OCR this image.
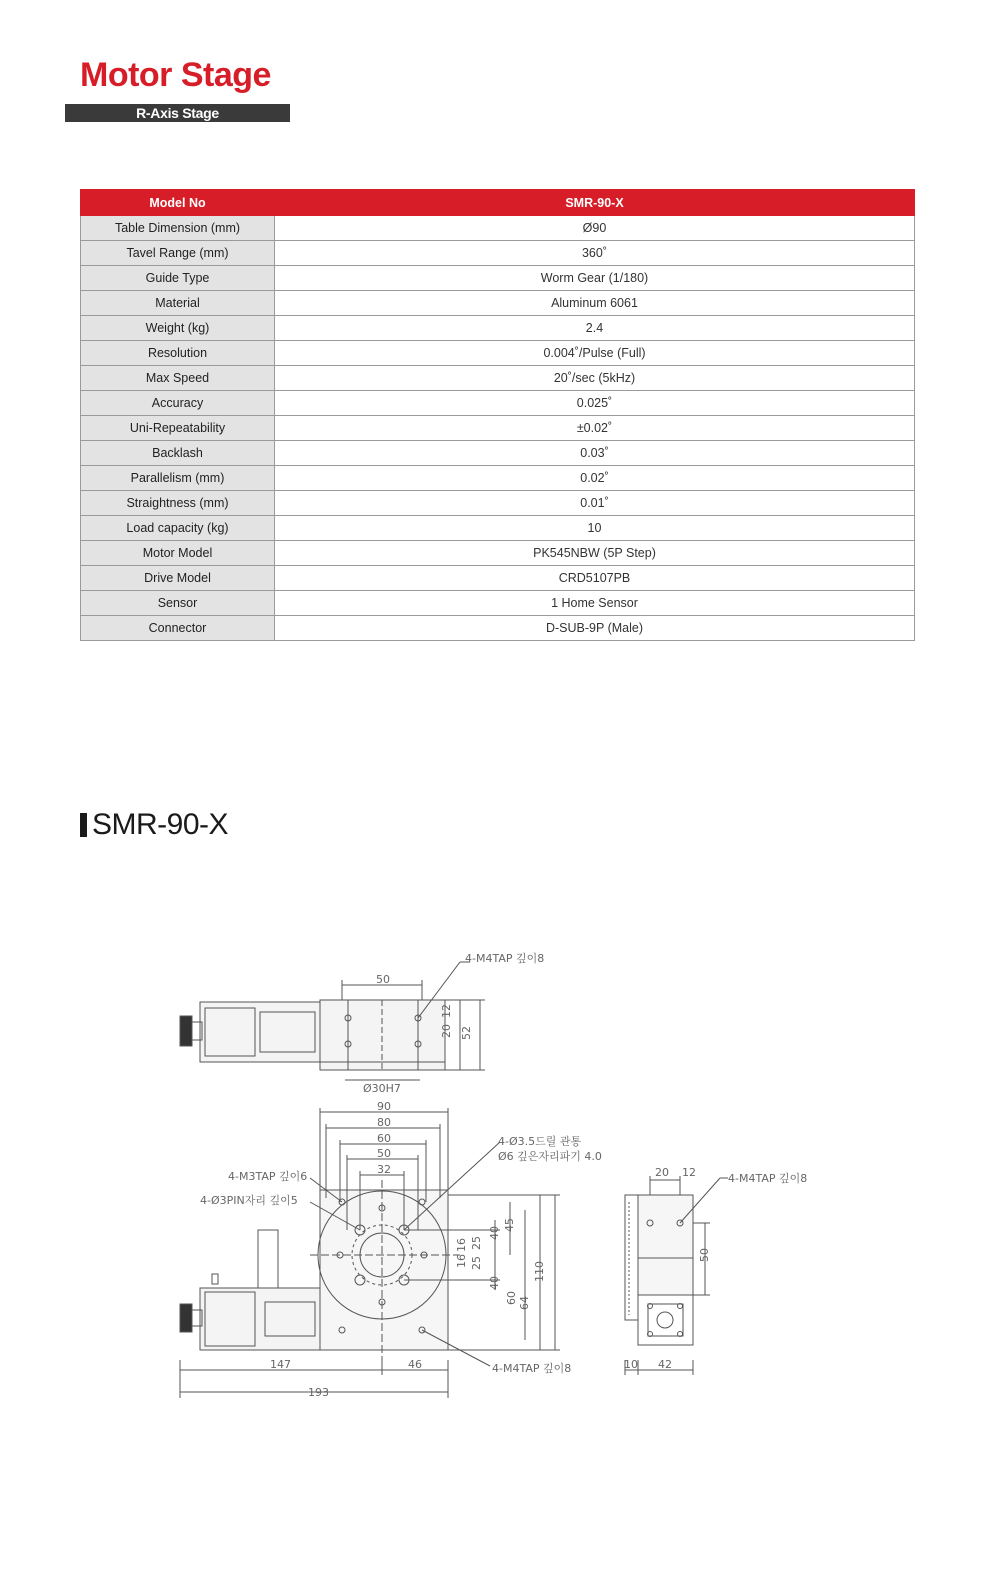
Motor Stage
R-Axis Stage
Model No	SMR-90-X
Table Dimension (mm)	Ø90
Tavel Range (mm)	360˚
Guide Type	Worm Gear (1/180)
Material	Aluminum 6061
Weight (kg)	2.4
Resolution	0.004˚/Pulse (Full)
Max Speed	20˚/sec (5kHz)
Accuracy	0.025˚
Uni-Repeatability	±0.02˚
Backlash	0.03˚
Parallelism (mm)	0.02˚
Straightness (mm)	0.01˚
Load capacity (kg)	10
Motor Model	PK545NBW (5P Step)
Drive Model	CRD5107PB
Sensor	1 Home Sensor
Connector	D-SUB-9P (Male)
SMR-90-X
50
20
12
52
Ø30H7
4-M4TAP 깊이8
90
80
60
50
32
40
45
110
40
60 64
16
16
25
25
147	46
193
4-M3TAP 깊이6
4-Ø3PIN자리 깊이5
4-Ø3.5드릴 관통
Ø6 깊은자리파기 4.0
4-M4TAP 깊이8
20 12
50
10 42
4-M4TAP 깊이8
